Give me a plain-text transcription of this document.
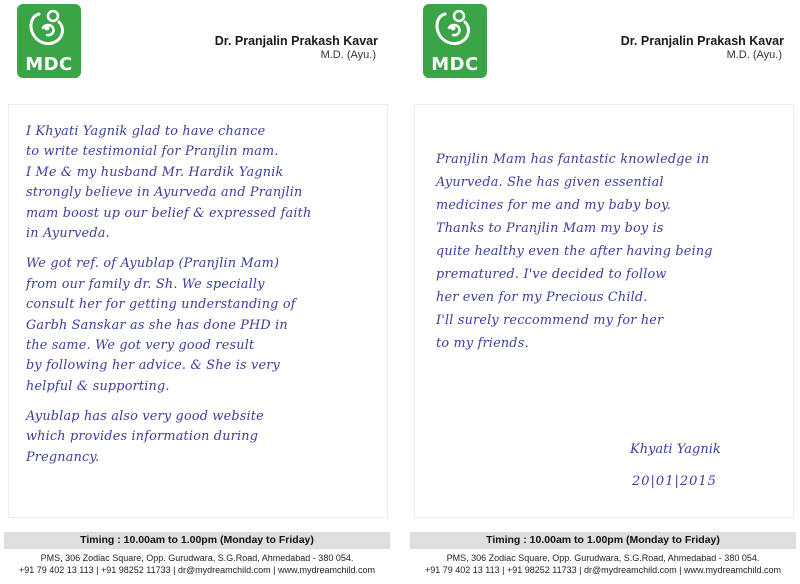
MDC
Dr. Pranjalin Prakash Kavar
M.D. (Ayu.)
I Khyati Yagnik glad to have chance
to write testimonial for Pranjlin mam.
I Me & my husband Mr. Hardik Yagnik
strongly believe in Ayurveda and Pranjlin
mam boost up our belief & expressed faith
in Ayurveda.
We got ref. of Ayublap (Pranjlin Mam)
from our family dr. Sh. We specially
consult her for getting understanding of
Garbh Sanskar as she has done PHD in
the same. We got very good result
by following her advice. & She is very
helpful & supporting.
Ayublap has also very good website
which provides information during
Pregnancy.
Timing : 10.00am to 1.00pm (Monday to Friday)
PMS, 306 Zodiac Square, Opp. Gurudwara, S.G.Road, Ahmedabad - 380 054.
+91 79 402 13 113 | +91 98252 11733 | dr@mydreamchild.com | www.mydreamchild.com
MDC
Dr. Pranjalin Prakash Kavar
M.D. (Ayu.)
Pranjlin Mam has fantastic knowledge in
Ayurveda. She has given essential
medicines for me and my baby boy.
Thanks to Pranjlin Mam my boy is
quite healthy even the after having being
prematured. I've decided to follow
her even for my Precious Child.
I'll surely reccommend my for her
to my friends.
Khyati Yagnik
20|01|2015
Timing : 10.00am to 1.00pm (Monday to Friday)
PMS, 306 Zodiac Square, Opp. Gurudwara, S.G.Road, Ahmedabad - 380 054.
+91 79 402 13 113 | +91 98252 11733 | dr@mydreamchild.com | www.mydreamchild.com
